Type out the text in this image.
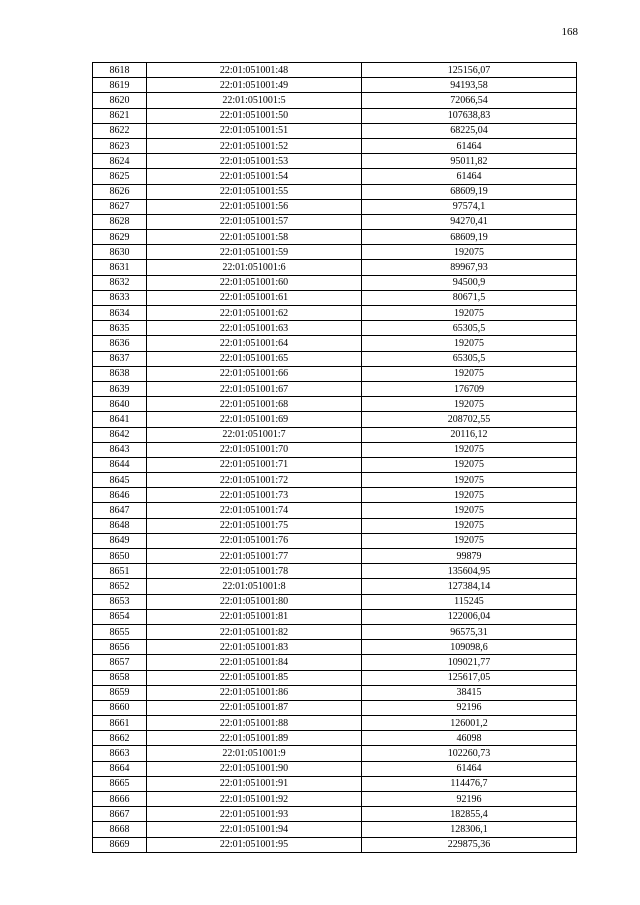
168
8618	22:01:051001:48	125156,07
8619	22:01:051001:49	94193,58
8620	22:01:051001:5	72066,54
8621	22:01:051001:50	107638,83
8622	22:01:051001:51	68225,04
8623	22:01:051001:52	61464
8624	22:01:051001:53	95011,82
8625	22:01:051001:54	61464
8626	22:01:051001:55	68609,19
8627	22:01:051001:56	97574,1
8628	22:01:051001:57	94270,41
8629	22:01:051001:58	68609,19
8630	22:01:051001:59	192075
8631	22:01:051001:6	89967,93
8632	22:01:051001:60	94500,9
8633	22:01:051001:61	80671,5
8634	22:01:051001:62	192075
8635	22:01:051001:63	65305,5
8636	22:01:051001:64	192075
8637	22:01:051001:65	65305,5
8638	22:01:051001:66	192075
8639	22:01:051001:67	176709
8640	22:01:051001:68	192075
8641	22:01:051001:69	208702,55
8642	22:01:051001:7	20116,12
8643	22:01:051001:70	192075
8644	22:01:051001:71	192075
8645	22:01:051001:72	192075
8646	22:01:051001:73	192075
8647	22:01:051001:74	192075
8648	22:01:051001:75	192075
8649	22:01:051001:76	192075
8650	22:01:051001:77	99879
8651	22:01:051001:78	135604,95
8652	22:01:051001:8	127384,14
8653	22:01:051001:80	115245
8654	22:01:051001:81	122006,04
8655	22:01:051001:82	96575,31
8656	22:01:051001:83	109098,6
8657	22:01:051001:84	109021,77
8658	22:01:051001:85	125617,05
8659	22:01:051001:86	38415
8660	22:01:051001:87	92196
8661	22:01:051001:88	126001,2
8662	22:01:051001:89	46098
8663	22:01:051001:9	102260,73
8664	22:01:051001:90	61464
8665	22:01:051001:91	114476,7
8666	22:01:051001:92	92196
8667	22:01:051001:93	182855,4
8668	22:01:051001:94	128306,1
8669	22:01:051001:95	229875,36
